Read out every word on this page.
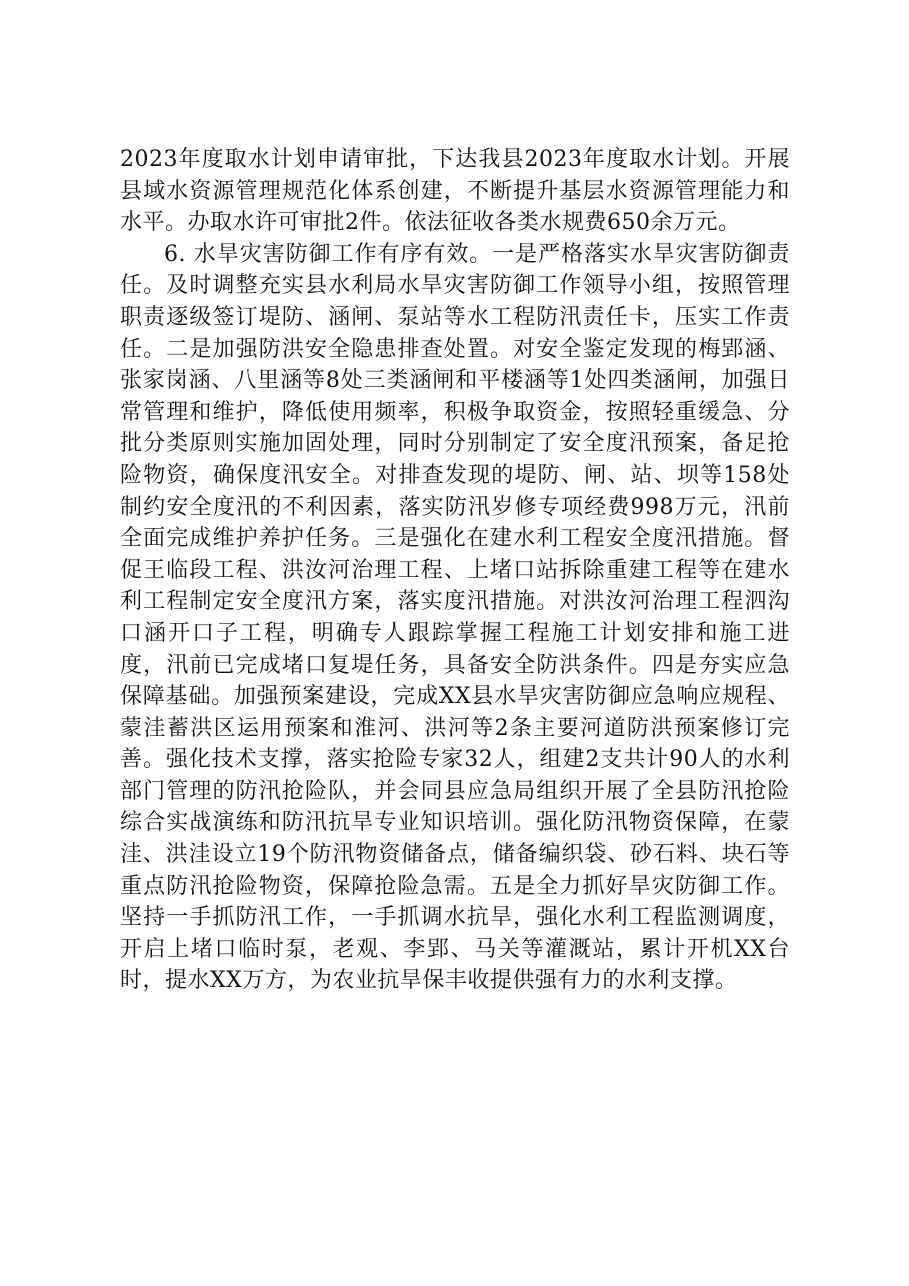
2023年度取水计划申请审批，下达我县2023年度取水计划。开展县域水资源管理规范化体系创建，不断提升基层水资源管理能力和水平。办取水许可审批2件。依法征收各类水规费650余万元。

6. 水旱灾害防御工作有序有效。一是严格落实水旱灾害防御责任。及时调整充实县水利局水旱灾害防御工作领导小组，按照管理职责逐级签订堤防、涵闸、泵站等水工程防汛责任卡，压实工作责任。二是加强防洪安全隐患排查处置。对安全鉴定发现的梅郢涵、张家岗涵、八里涵等8处三类涵闸和平楼涵等1处四类涵闸，加强日常管理和维护，降低使用频率，积极争取资金，按照轻重缓急、分批分类原则实施加固处理，同时分别制定了安全度汛预案，备足抢险物资，确保度汛安全。对排查发现的堤防、闸、站、坝等158处制约安全度汛的不利因素，落实防汛岁修专项经费998万元，汛前全面完成维护养护任务。三是强化在建水利工程安全度汛措施。督促王临段工程、洪汝河治理工程、上堵口站拆除重建工程等在建水利工程制定安全度汛方案，落实度汛措施。对洪汝河治理工程泗沟口涵开口子工程，明确专人跟踪掌握工程施工计划安排和施工进度，汛前已完成堵口复堤任务，具备安全防洪条件。四是夯实应急保障基础。加强预案建设，完成XX县水旱灾害防御应急响应规程、蒙洼蓄洪区运用预案和淮河、洪河等2条主要河道防洪预案修订完善。强化技术支撑，落实抢险专家32人，组建2支共计90人的水利部门管理的防汛抢险队，并会同县应急局组织开展了全县防汛抢险综合实战演练和防汛抗旱专业知识培训。强化防汛物资保障，在蒙洼、洪洼设立19个防汛物资储备点，储备编织袋、砂石料、块石等重点防汛抢险物资，保障抢险急需。五是全力抓好旱灾防御工作。坚持一手抓防汛工作，一手抓调水抗旱，强化水利工程监测调度，开启上堵口临时泵，老观、李郢、马关等灌溉站，累计开机XX台时，提水XX万方，为农业抗旱保丰收提供强有力的水利支撑。
